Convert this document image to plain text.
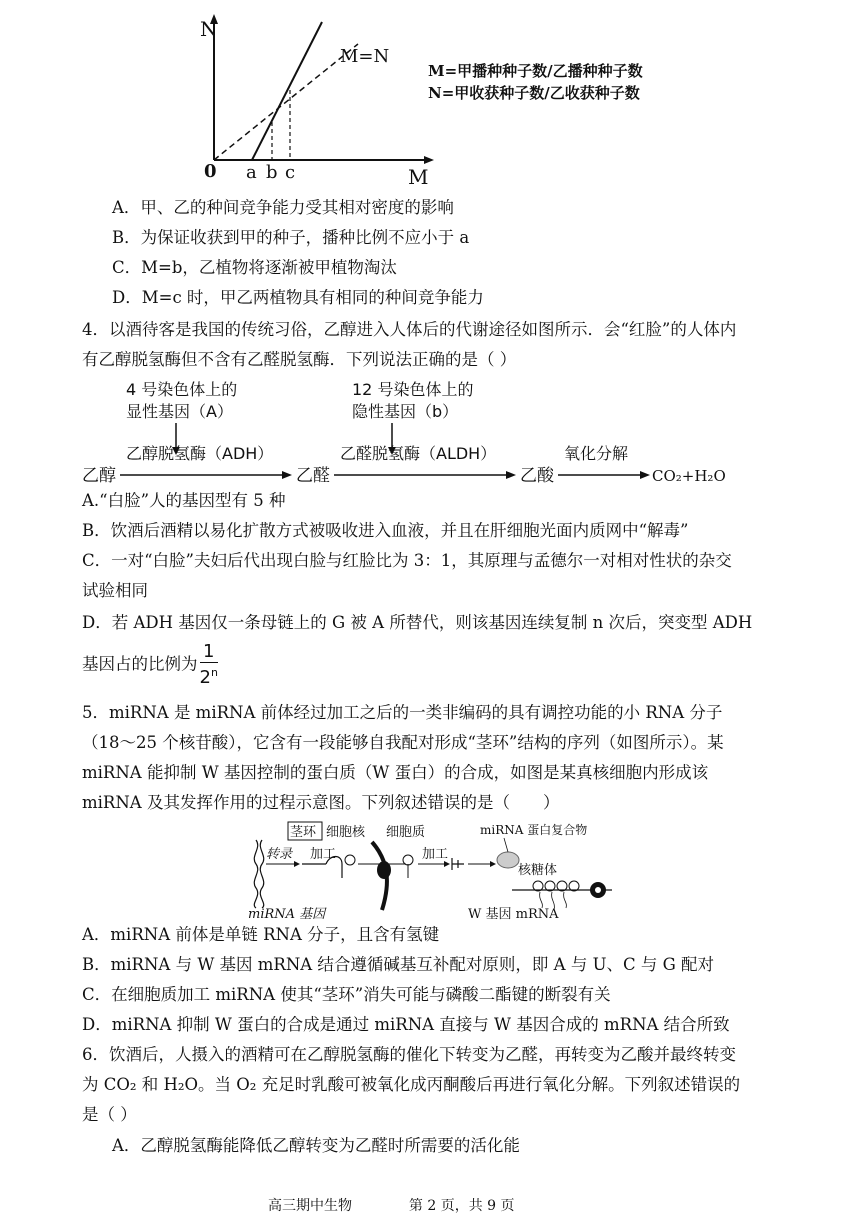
N
M
0
M=N
a b c
M=甲播种种子数/乙播种种子数
N=甲收获种子数/乙收获种子数
A．甲、乙的种间竞争能力受其相对密度的影响
B．为保证收获到甲的种子，播种比例不应小于 a
C．M=b，乙植物将逐渐被甲植物淘汰
D．M=c 时，甲乙两植物具有相同的种间竞争能力
4．以酒待客是我国的传统习俗，乙醇进入人体后的代谢途径如图所示．会“红脸”的人体内
有乙醇脱氢酶但不含有乙醛脱氢酶．下列说法正确的是（ ）
4 号染色体上的
显性基因（A）
12 号染色体上的
隐性基因（b）
乙醇脱氢酶（ADH）	乙醛脱氢酶（ALDH）	氧化分解
乙醇	乙醛	乙酸	CO₂+H₂O
A.“白脸”人的基因型有 5 种
B．饮酒后酒精以易化扩散方式被吸收进入血液，并且在肝细胞光面内质网中“解毒”
C．一对“白脸”夫妇后代出现白脸与红脸比为 3：1，其原理与孟德尔一对相对性状的杂交
试验相同
D．若 ADH 基因仅一条母链上的 G 被 A 所替代，则该基因连续复制 n 次后，突变型 ADH
基因占的比例为 $\frac{1}{2^n}$
5．miRNA 是 miRNA 前体经过加工之后的一类非编码的具有调控功能的小 RNA 分子
（18～25 个核苷酸），它含有一段能够自我配对形成“茎环”结构的序列（如图所示）。某
miRNA 能抑制 W 基因控制的蛋白质（W 蛋白）的合成，如图是某真核细胞内形成该
miRNA 及其发挥作用的过程示意图。下列叙述错误的是（　　）
茎环 细胞核 细胞质	miRNA 蛋白复合物
转录 加工	加工
核糖体
miRNA 基因	W 基因 mRNA
A．miRNA 前体是单链 RNA 分子，且含有氢键
B．miRNA 与 W 基因 mRNA 结合遵循碱基互补配对原则，即 A 与 U、C 与 G 配对
C．在细胞质加工 miRNA 使其“茎环”消失可能与磷酸二酯键的断裂有关
D．miRNA 抑制 W 蛋白的合成是通过 miRNA 直接与 W 基因合成的 mRNA 结合所致
6．饮酒后，人摄入的酒精可在乙醇脱氢酶的催化下转变为乙醛，再转变为乙酸并最终转变
为 CO₂ 和 H₂O。当 O₂ 充足时乳酸可被氧化成丙酮酸后再进行氧化分解。下列叙述错误的
是（ ）
A．乙醇脱氢酶能降低乙醇转变为乙醛时所需要的活化能
高三期中生物	第 2 页，共 9 页
